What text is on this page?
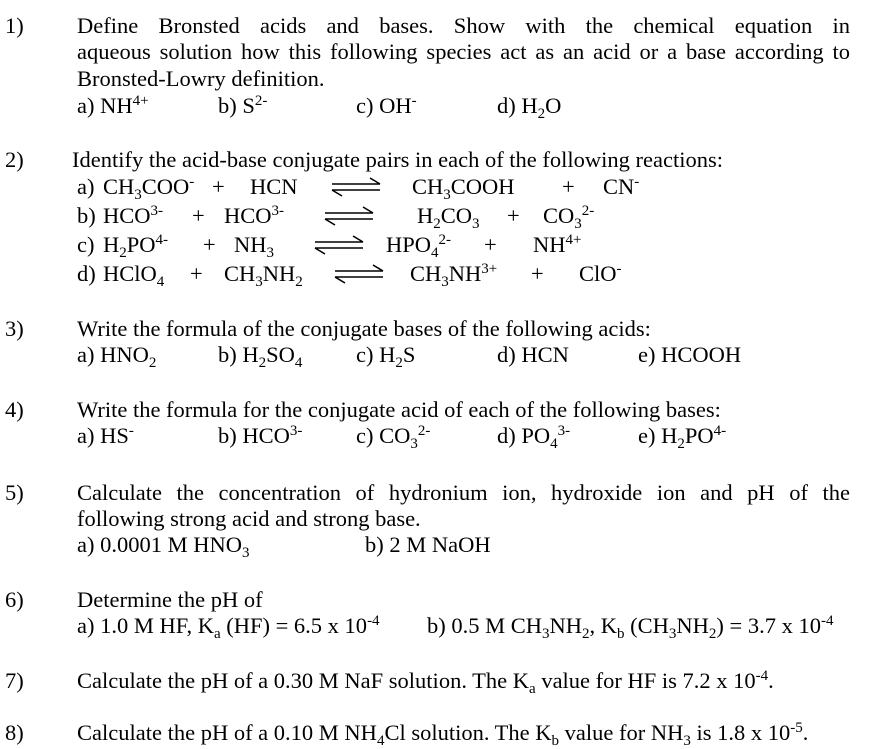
1) Define Bronsted acids and bases. Show with the chemical equation in
aqueous solution how this following species act as an acid or a base according to
Bronsted-Lowry definition.
a) $NH^{4+}$	b) $S^{2-}$	c) OH-	d) $H_2O$
2) Identify the acid-base conjugate pairs in each of the following reactions:
a) $CH_3COO^-$ + HCN ⇌ $CH_3COOH + CN^-$
b) $HCO^{3-} + HCO^{3-}$	$H_2CO_3 + CO_3^{2-}$
c) $H_2PO^{4-} + NH_3$ ⇌ $HPO_4^{2-} + NH^{4+}$
d) HClO$_4$ + $CH_3NH_2$ ⇌ $CH_3NH^{3+} + ClO^-$
3) Write the formula of the conjugate bases of the following acids:
a) $HNO_2$	b) $H_2SO_4$ c) $H_2S$	d) HCN	e) HCOOH
4) Write the formula for the conjugate acid of each of the following bases:
a) HS-	b) $HCO^{3-}$ c) $CO_3^{2-}$	d) $PO_4^{3-}$	e) $H_2PO^{4-}$
5) Calculate the concentration of hydronium ion, hydroxide ion and pH of the
following strong acid and strong base.
a) 0.0001 M $HNO_3$	b) 2 M NaOH
6) Determine the pH of
a) 1.0 M HF, $K_a$ (HF) = 6.5 x $10^{-4}$ b) 0.5 M $CH_3NH_2$, $K_b$ $(CH_3NH_2) = 3.7$ x $10^{-4}$
7) Calculate the pH of a 0.30 M NaF solution. The $K_a$ value for HF is 7.2 x $10^{-4}$.
8) Calculate the pH of a 0.10 M $NH_4Cl$ solution. The $K_b$ value for $NH_3$ is 1.8 x $10^{-5}$.
